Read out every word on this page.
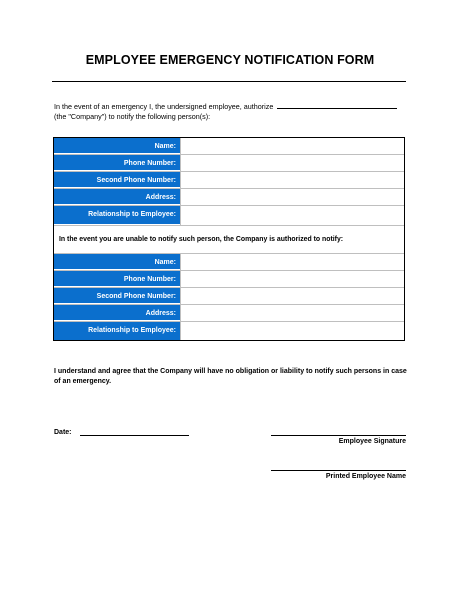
EMPLOYEE EMERGENCY NOTIFICATION FORM
In the event of an emergency I, the undersigned employee, authorize
(the "Company") to notify the following person(s):
Name:
Phone Number:
Second Phone Number:
Address:
Relationship to Employee:
In the event you are unable to notify such person, the Company is authorized to notify:
Name:
Phone Number:
Second Phone Number:
Address:
Relationship to Employee:
I understand and agree that the Company will have no obligation or liability to notify such persons in case of an emergency.
Date:
Employee Signature
Printed Employee Name
